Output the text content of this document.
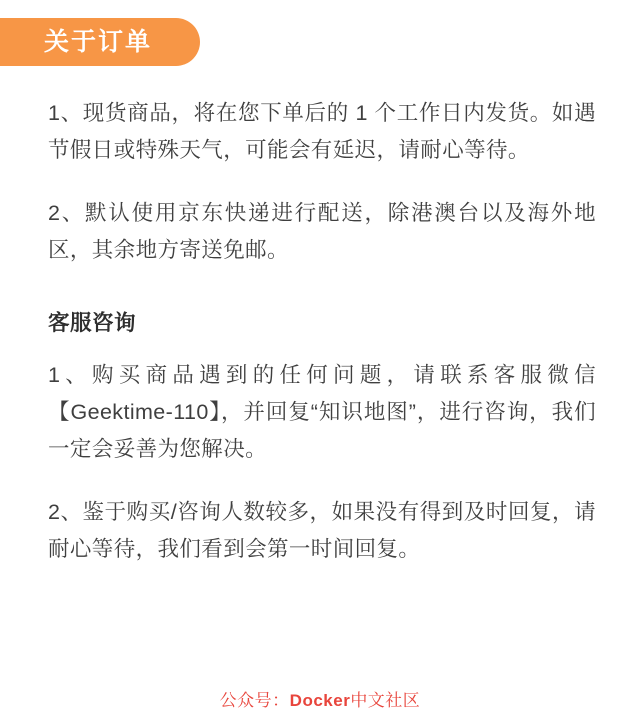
关于订单

1、现货商品，将在您下单后的 1 个工作日内发货。如遇节假日或特殊天气，可能会有延迟，请耐心等待。

2、默认使用京东快递进行配送，除港澳台以及海外地区，其余地方寄送免邮。

客服咨询

1、购买商品遇到的任何问题，请联系客服微信【Geektime-110】，并回复“知识地图”，进行咨询，我们一定会妥善为您解决。

2、鉴于购买/咨询人数较多，如果没有得到及时回复，请耐心等待，我们看到会第一时间回复。

公众号：Docker中文社区
